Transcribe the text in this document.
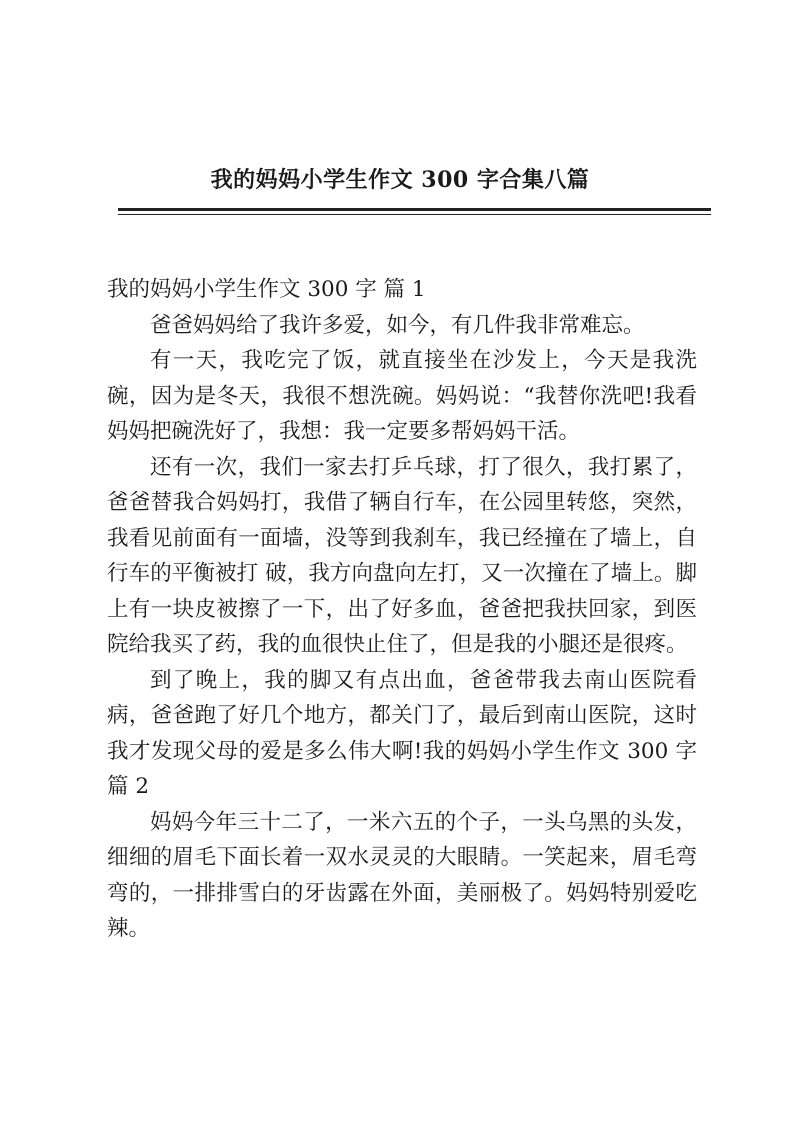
我的妈妈小学生作文 300 字合集八篇

我的妈妈小学生作文 300 字 篇 1

爸爸妈妈给了我许多爱，如今，有几件我非常难忘。

有一天，我吃完了饭，就直接坐在沙发上，今天是我洗碗，因为是冬天，我很不想洗碗。妈妈说：“我替你洗吧!我看妈妈把碗洗好了，我想：我一定要多帮妈妈干活。

还有一次，我们一家去打乒乓球，打了很久，我打累了，爸爸替我合妈妈打，我借了辆自行车，在公园里转悠，突然，我看见前面有一面墙，没等到我刹车，我已经撞在了墙上，自行车的平衡被打 破，我方向盘向左打，又一次撞在了墙上。脚上有一块皮被擦了一下，出了好多血，爸爸把我扶回家，到医院给我买了药，我的血很快止住了，但是我的小腿还是很疼。

到了晚上，我的脚又有点出血，爸爸带我去南山医院看病，爸爸跑了好几个地方，都关门了，最后到南山医院，这时我才发现父母的爱是多么伟大啊!我的妈妈小学生作文 300 字 篇 2

妈妈今年三十二了，一米六五的个子，一头乌黑的头发，细细的眉毛下面长着一双水灵灵的大眼睛。一笑起来，眉毛弯弯的，一排排雪白的牙齿露在外面，美丽极了。妈妈特别爱吃辣。
